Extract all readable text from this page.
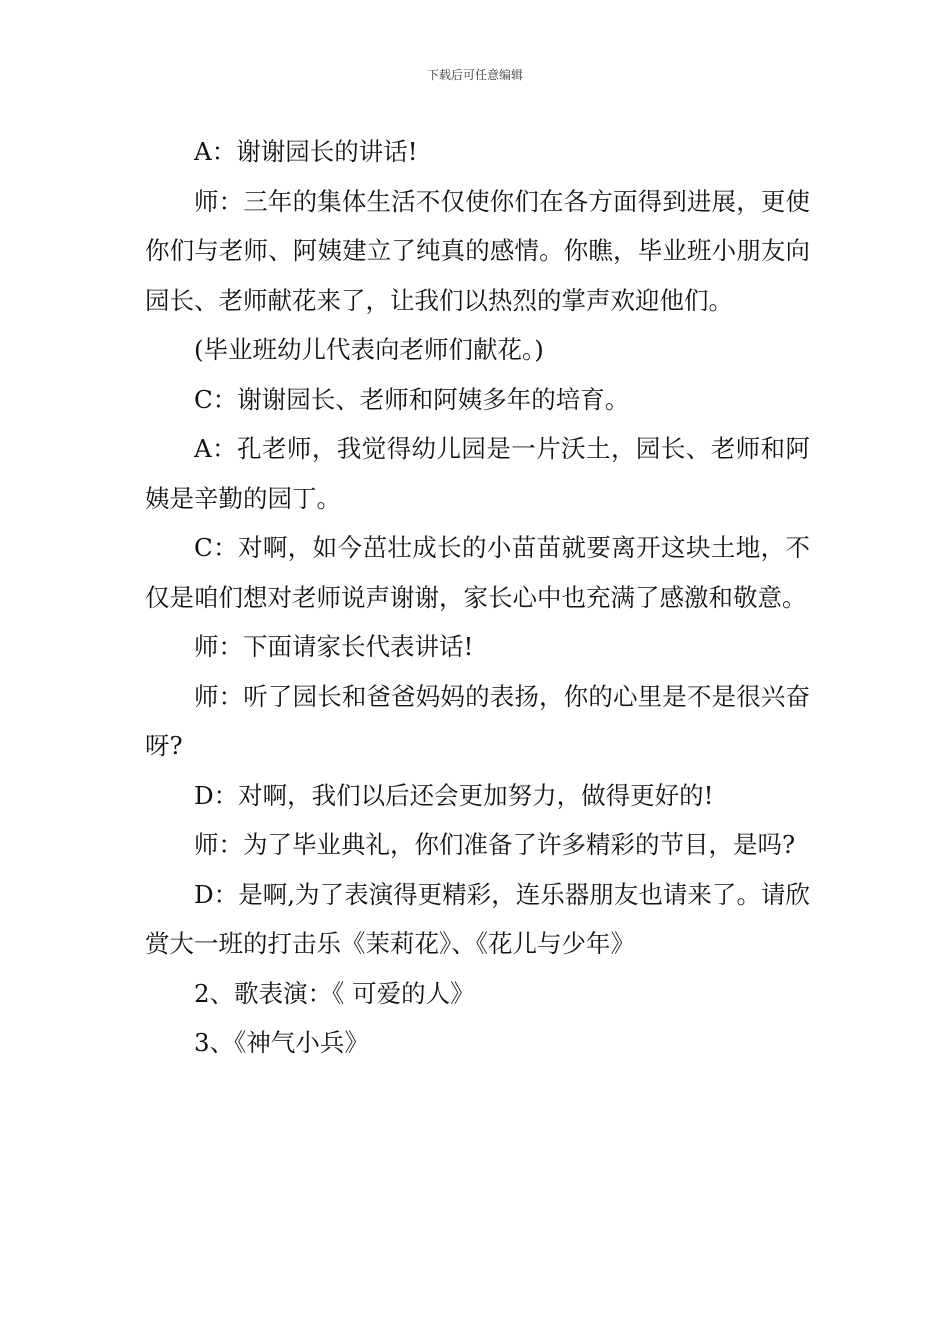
下载后可任意编辑

A：谢谢园长的讲话!

师：三年的集体生活不仅使你们在各方面得到进展，更使你们与老师、阿姨建立了纯真的感情。你瞧，毕业班小朋友向园长、老师献花来了，让我们以热烈的掌声欢迎他们。

(毕业班幼儿代表向老师们献花。)

C：谢谢园长、老师和阿姨多年的培育。

A：孔老师，我觉得幼儿园是一片沃土，园长、老师和阿姨是辛勤的园丁。

C：对啊，如今茁壮成长的小苗苗就要离开这块土地，不仅是咱们想对老师说声谢谢，家长心中也充满了感激和敬意。

师：下面请家长代表讲话!

师：听了园长和爸爸妈妈的表扬，你的心里是不是很兴奋呀?

D：对啊，我们以后还会更加努力，做得更好的!

师：为了毕业典礼，你们准备了许多精彩的节目，是吗?

D：是啊,为了表演得更精彩，连乐器朋友也请来了。请欣赏大一班的打击乐《茉莉花》、《花儿与少年》

2、歌表演：《 可爱的人》

3、《神气小兵》
